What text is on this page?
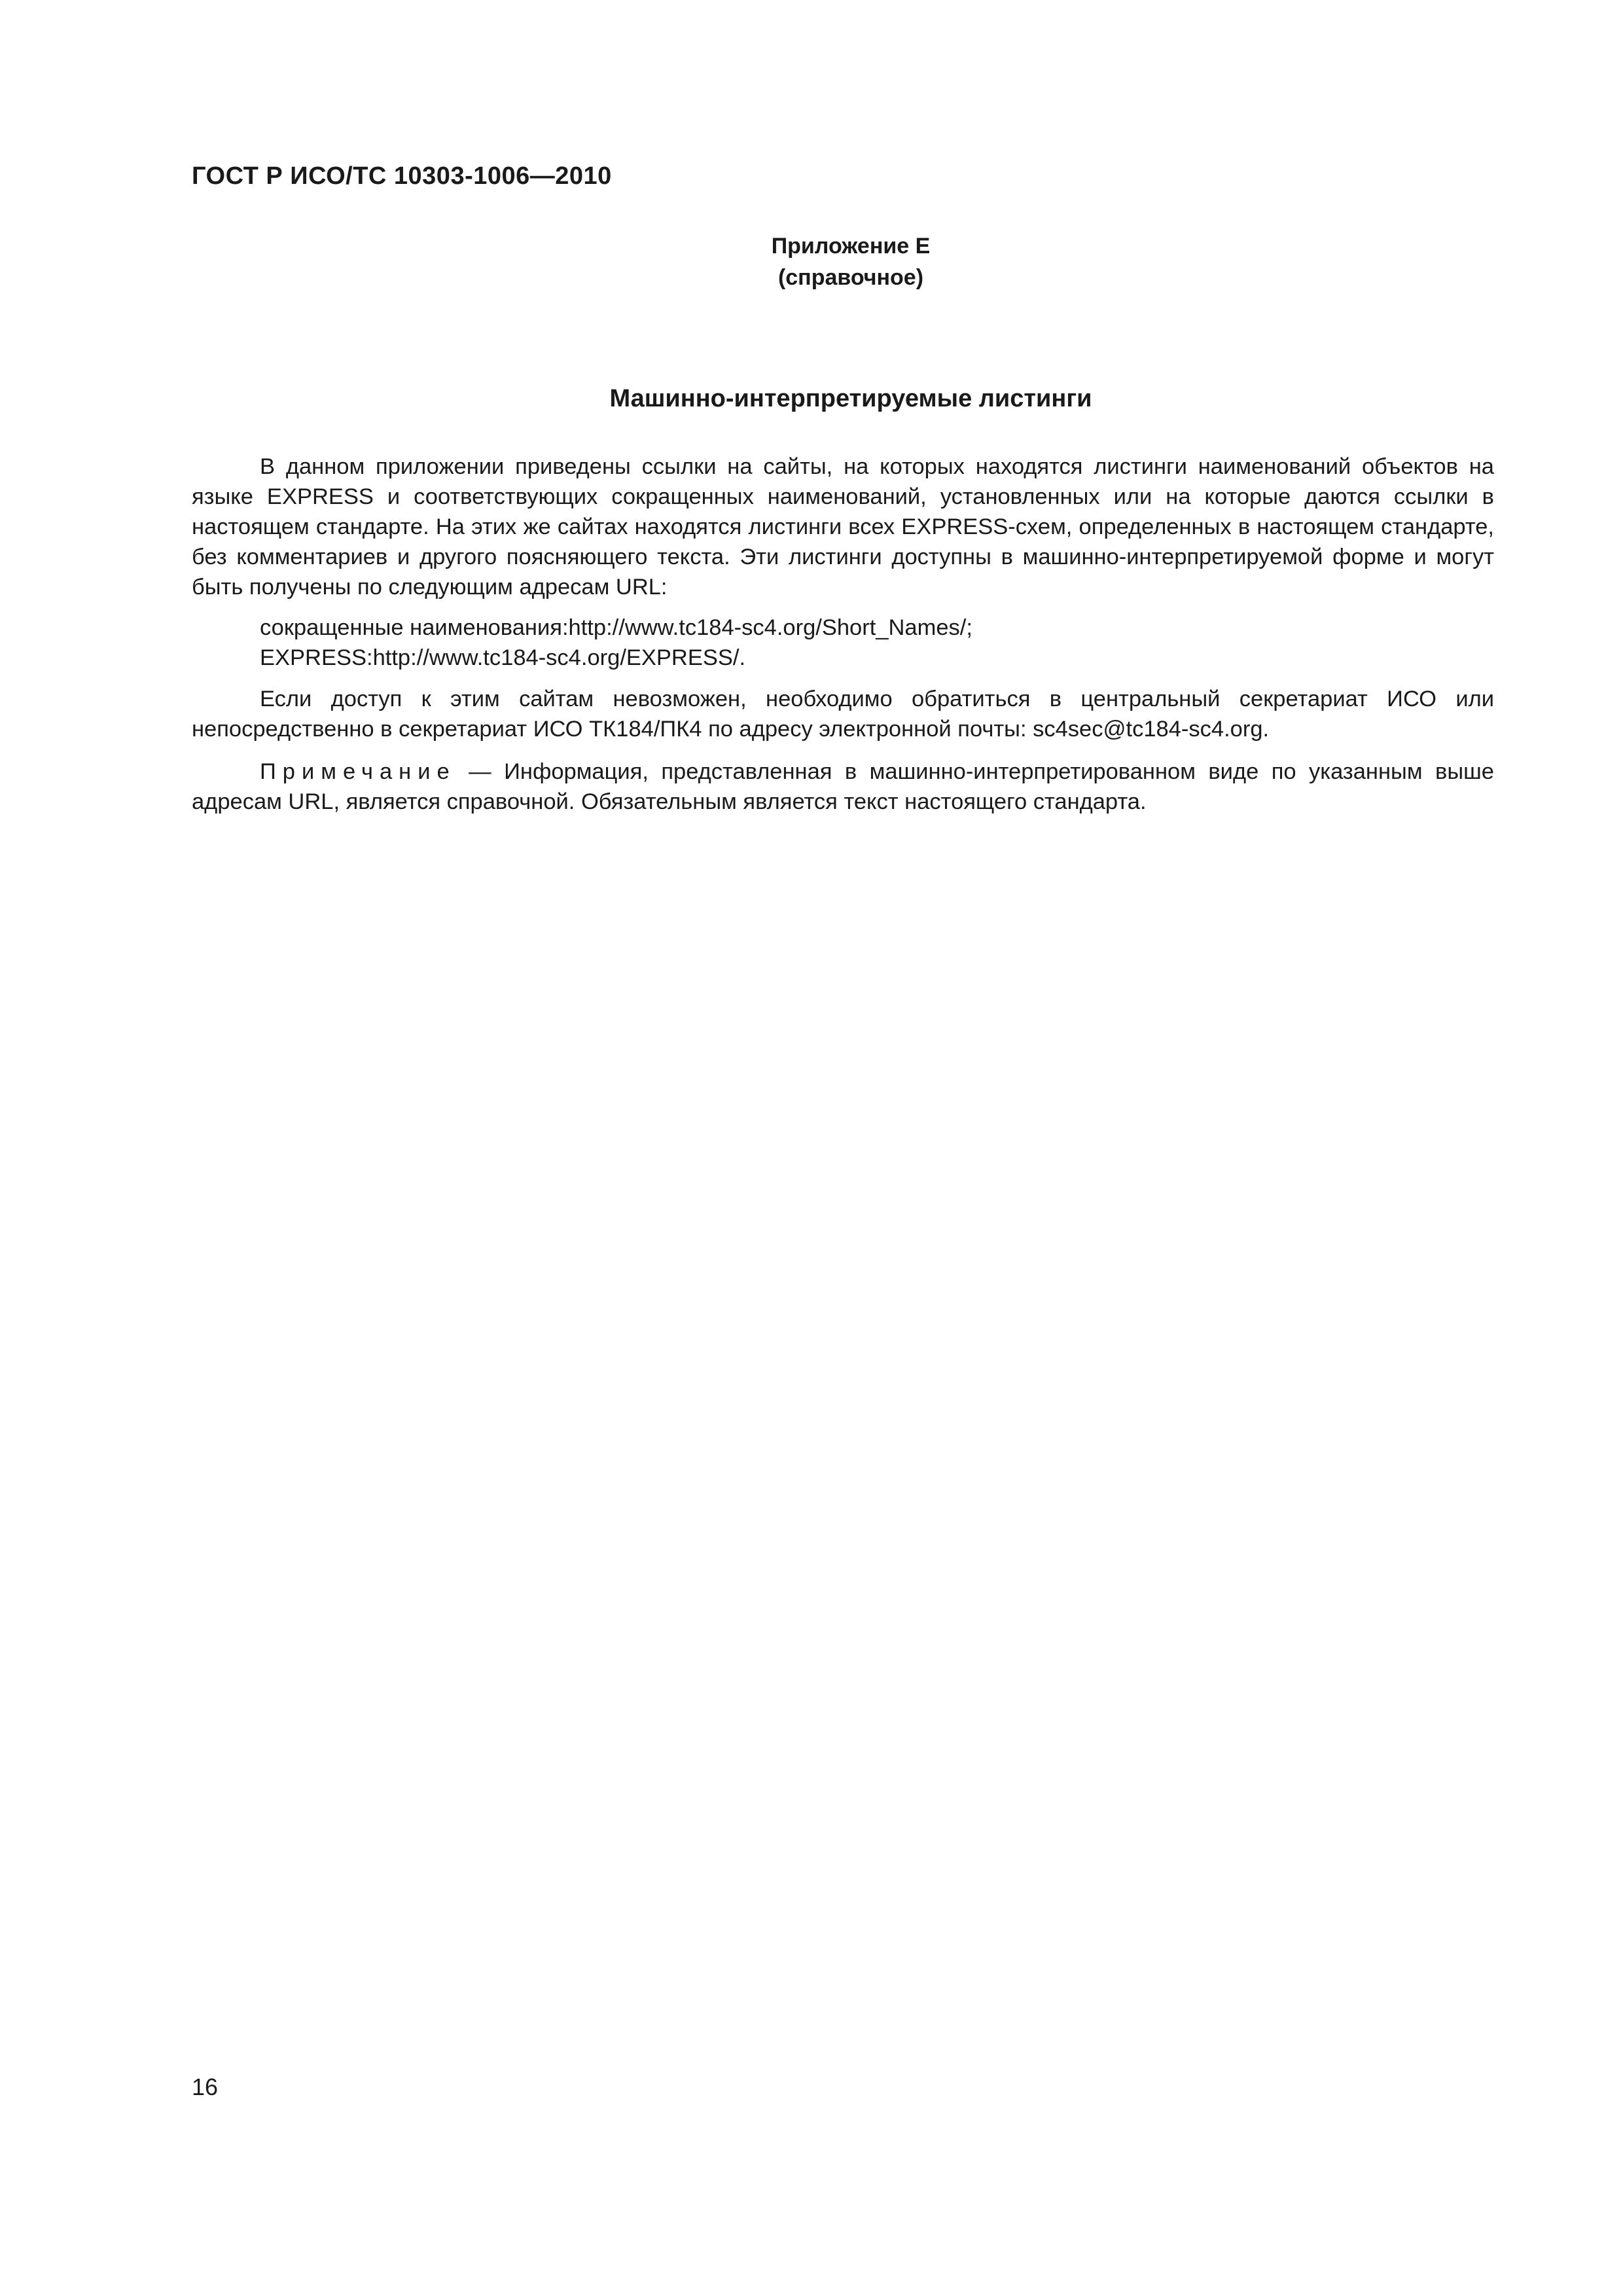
ГОСТ Р ИСО/ТС 10303-1006—2010
Приложение Е
(справочное)
Машинно-интерпретируемые листинги

В данном приложении приведены ссылки на сайты, на которых находятся листинги наименований объектов на языке EXPRESS и соответствующих сокращенных наименований, установленных или на которые даются ссылки в настоящем стандарте. На этих же сайтах находятся листинги всех EXPRESS-схем, определенных в настоящем стандарте, без комментариев и другого поясняющего текста. Эти листинги доступны в машинно-интерпретируемой форме и могут быть получены по следующим адресам URL:

сокращенные наименования:http://www.tc184-sc4.org/Short_Names/;
EXPRESS:http://www.tc184-sc4.org/EXPRESS/.

Если доступ к этим сайтам невозможен, необходимо обратиться в центральный секретариат ИСО или непосредственно в секретариат ИСО ТК184/ПК4 по адресу электронной почты: sc4sec@tc184-sc4.org.

Примечание — Информация, представленная в машинно-интерпретированном виде по указанным выше адресам URL, является справочной. Обязательным является текст настоящего стандарта.

16
